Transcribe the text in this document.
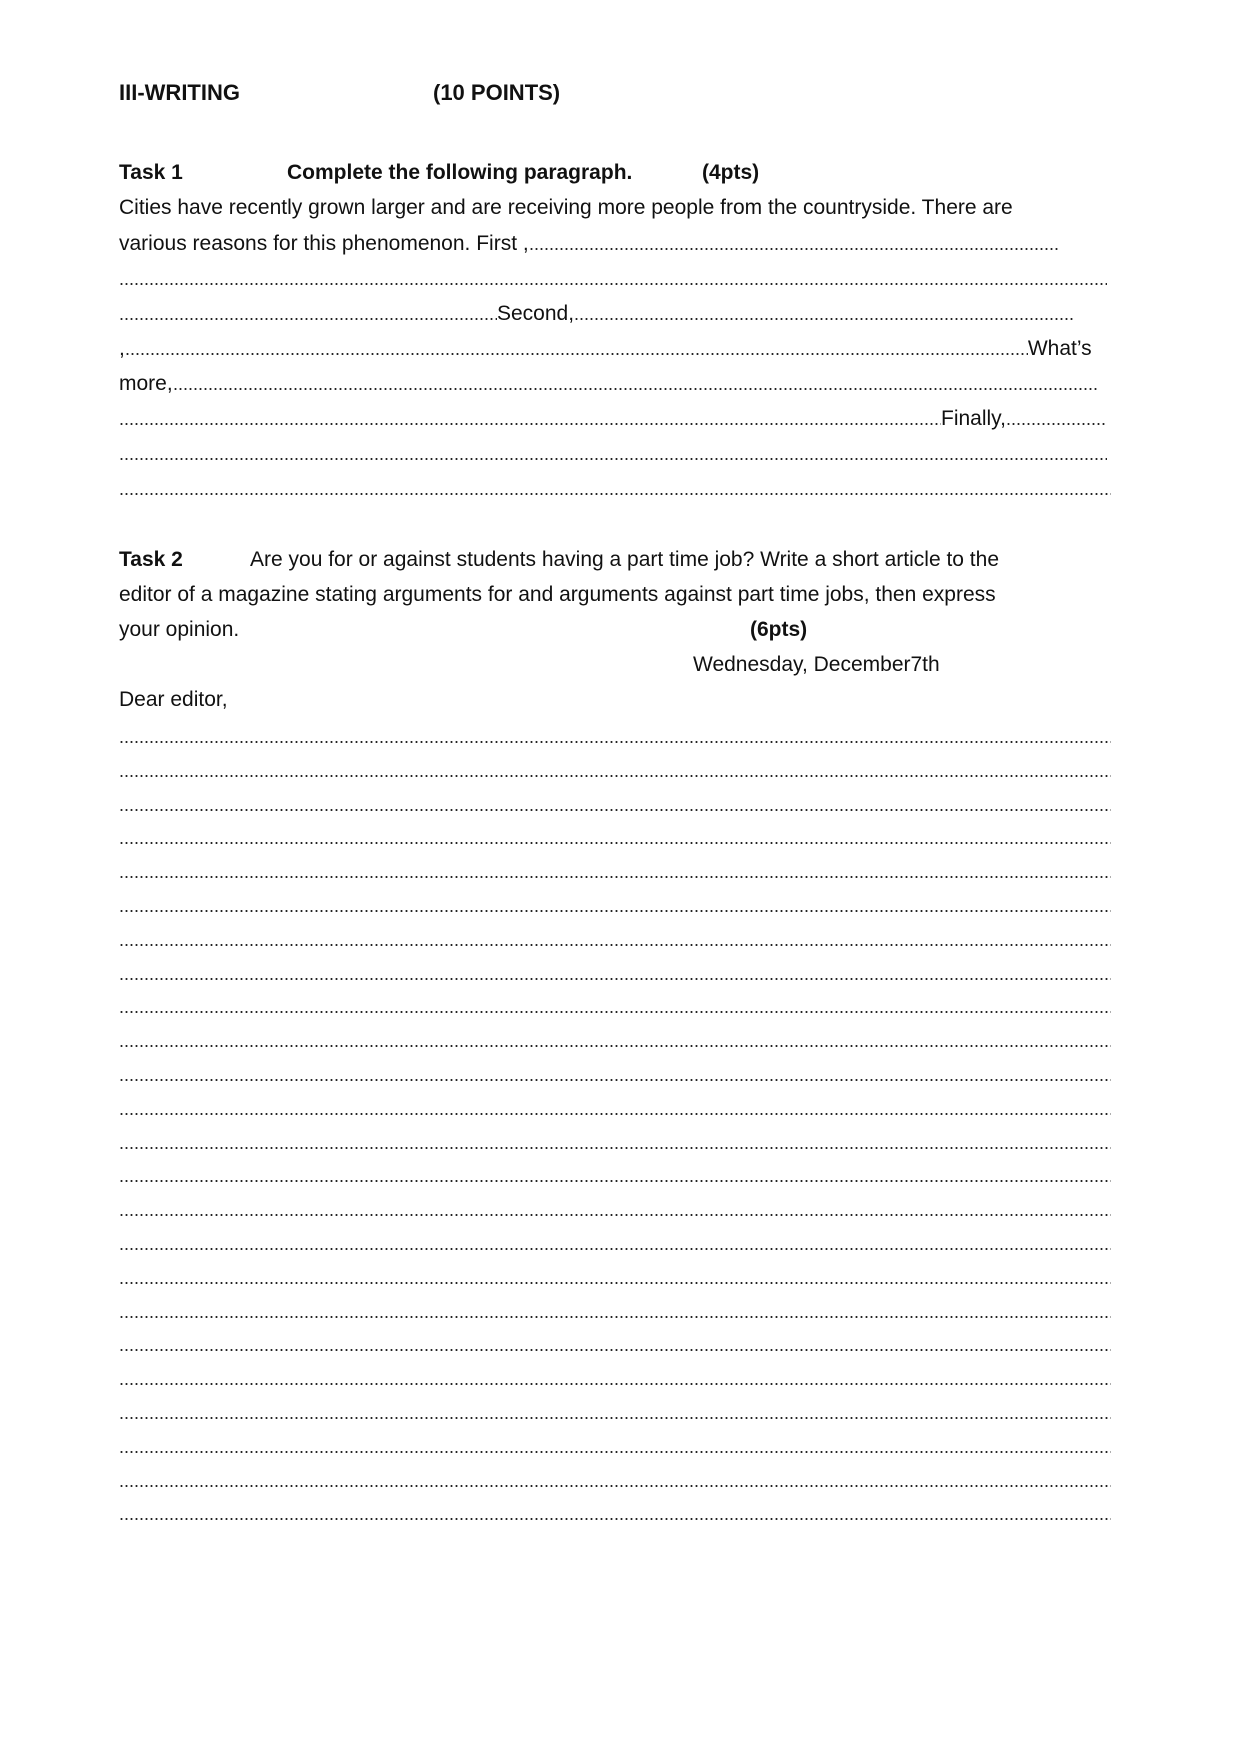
III-WRITING	(10 POINTS)
Task 1	Complete the following paragraph.	(4pts)
Cities have recently grown larger and are receiving more people from the countryside. There are
various reasons for this phenomenon. First ,
Second,
,	What’s
more,
Finally,
Task 2	Are you for or against students having a part time job? Write a short article to the
editor of a magazine stating arguments for and arguments against part time jobs, then express
your opinion.	(6pts)
Wednesday, December7th
Dear editor,
